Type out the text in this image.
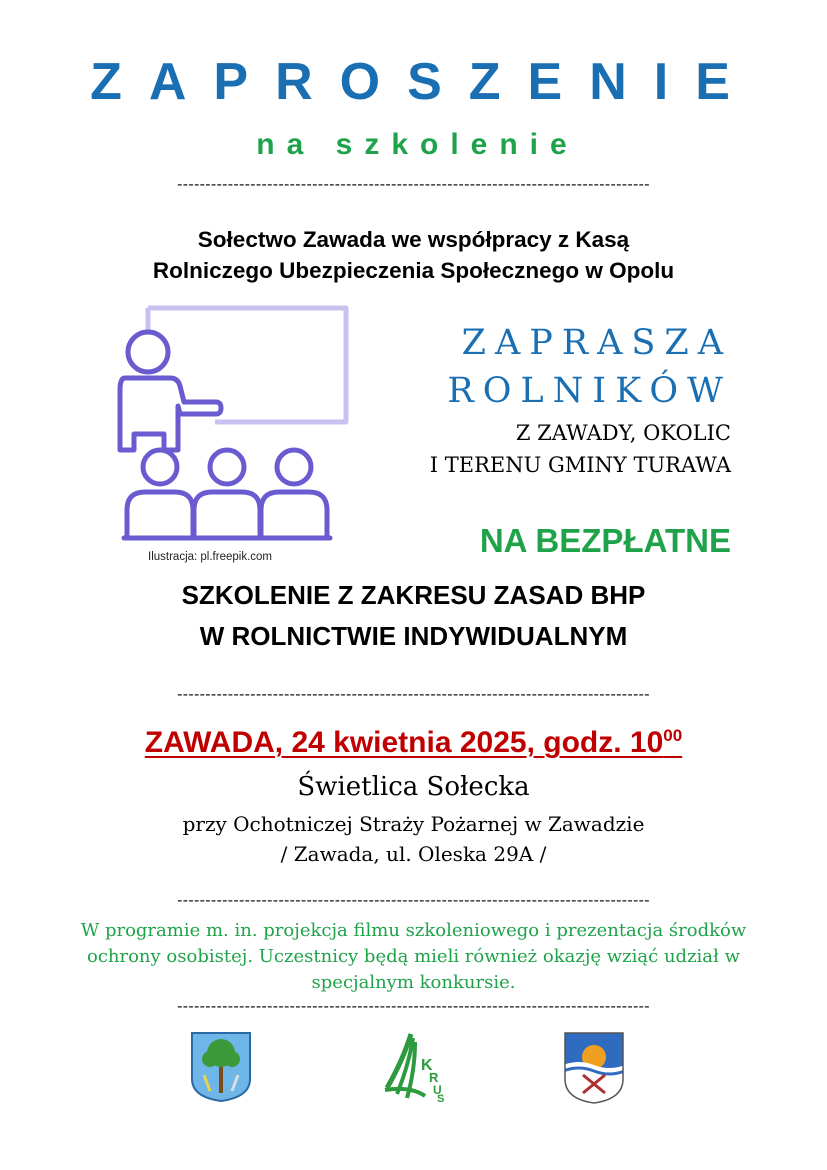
ZAPROSZENIE
na szkolenie
------------------------------------------------------------------------------------
Sołectwo Zawada we współpracy z Kasą
Rolniczego Ubezpieczenia Społecznego w Opolu
Ilustracja: pl.freepik.com
ZAPRASZA
ROLNIKÓW
Z ZAWADY, OKOLIC
I TERENU GMINY TURAWA
NA BEZPŁATNE
SZKOLENIE Z ZAKRESU ZASAD BHP
W ROLNICTWIE INDYWIDUALNYM
------------------------------------------------------------------------------------
ZAWADA, 24 kwietnia 2025, godz. $10^{00}$
Świetlica Sołecka
przy Ochotniczej Straży Pożarnej w Zawadzie
/ Zawada, ul. Oleska 29A /
------------------------------------------------------------------------------------
W programie m. in. projekcja filmu szkoleniowego i prezentacja środków ochrony osobistej. Uczestnicy będą mieli również okazję wziąć udział w specjalnym konkursie.
------------------------------------------------------------------------------------
K
R
U
S
